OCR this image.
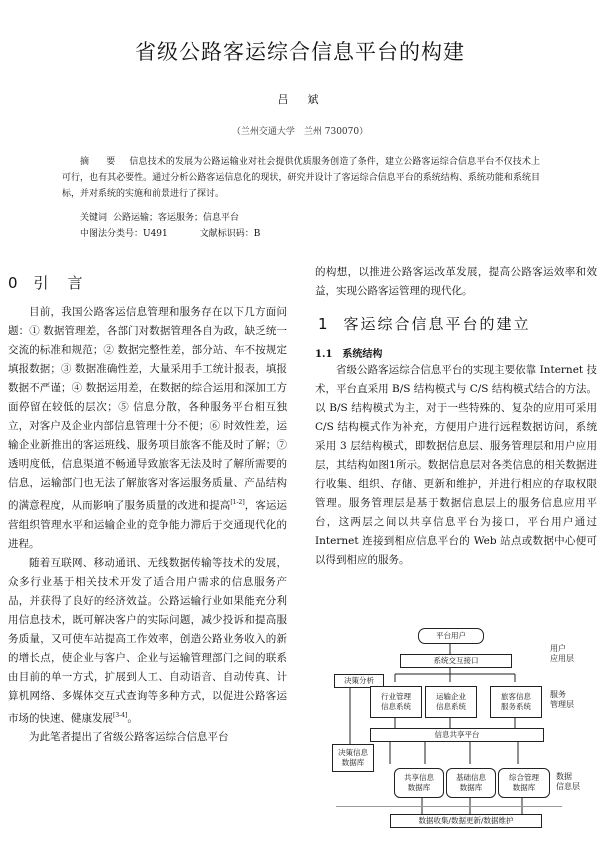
省级公路客运综合信息平台的构建
吕　斌
（兰州交通大学　兰州 730070）
摘　要 信息技术的发展为公路运输业对社会提供优质服务创造了条件，建立公路客运综合信息平台不仅技术上可行，也有其必要性。通过分析公路客运信息化的现状，研究并设计了客运综合信息平台的系统结构、系统功能和系统目标，并对系统的实施和前景进行了探讨。
关键词 公路运输；客运服务；信息平台
中图法分类号：U491	文献标识码：B
0 引　言

目前，我国公路客运信息管理和服务存在以下几方面问题：① 数据管理差，各部门对数据管理各自为政，缺乏统一交流的标准和规范；② 数据完整性差，部分站、车不按规定填报数据；③ 数据准确性差，大量采用手工统计报表，填报数据不严谨；④ 数据运用差，在数据的综合运用和深加工方面停留在较低的层次；⑤ 信息分散，各种服务平台相互独立，对客户及企业内部信息管理十分不便；⑥ 时效性差，运输企业新推出的客运班线、服务项目旅客不能及时了解；⑦ 透明度低，信息渠道不畅通导致旅客无法及时了解所需要的信息，运输部门也无法了解旅客对客运服务质量、产品结构的满意程度，从而影响了服务质量的改进和提高[1-2]，客运运营组织管理水平和运输企业的竞争能力滞后于交通现代化的进程。

随着互联网、移动通讯、无线数据传输等技术的发展，众多行业基于相关技术开发了适合用户需求的信息服务产品，并获得了良好的经济效益。公路运输行业如果能充分利用信息技术，既可解决客户的实际问题，减少投诉和提高服务质量，又可使车站提高工作效率，创造公路业务收入的新的增长点，使企业与客户、企业与运输管理部门之间的联系由目前的单一方式，扩展到人工、自动语音、自动传真、计算机网络、多媒体交互式查询等多种方式，以促进公路客运市场的快速、健康发展[3-4]。

为此笔者提出了省级公路客运综合信息平台

的构想，以推进公路客运改革发展，提高公路客运效率和效益，实现公路客运管理的现代化。

1 客运综合信息平台的建立
1.1 系统结构

省级公路客运综合信息平台的实现主要依靠 Internet 技术，平台直采用 B/S 结构模式与 C/S 结构模式结合的方法。以 B/S 结构模式为主，对于一些特殊的、复杂的应用可采用 C/S 结构模式作为补充，方便用户进行远程数据访问，系统采用 3 层结构模式，即数据信息层、服务管理层和用户应用层，其结构如图1所示。数据信息层对各类信息的相关数据进行收集、组织、存储、更新和维护，并进行相应的存取权限管理。服务管理层是基于数据信息层上的服务信息应用平台，这两层之间以共享信息平台为接口，平台用户通过 Internet 连接到相应信息平台的 Web 站点或数据中心便可以得到相应的服务。

平台用户
系统交互接口
用户
应用层
决策分析
行业管理
信息系统
运输企业
信息系统
旅客信息
服务系统
服务
管理层
信息共享平台
决策信息
数据库
共享信息
数据库
基础信息
数据库
综合管理
数据库
数据
信息层
数据收集/数据更新/数据维护
